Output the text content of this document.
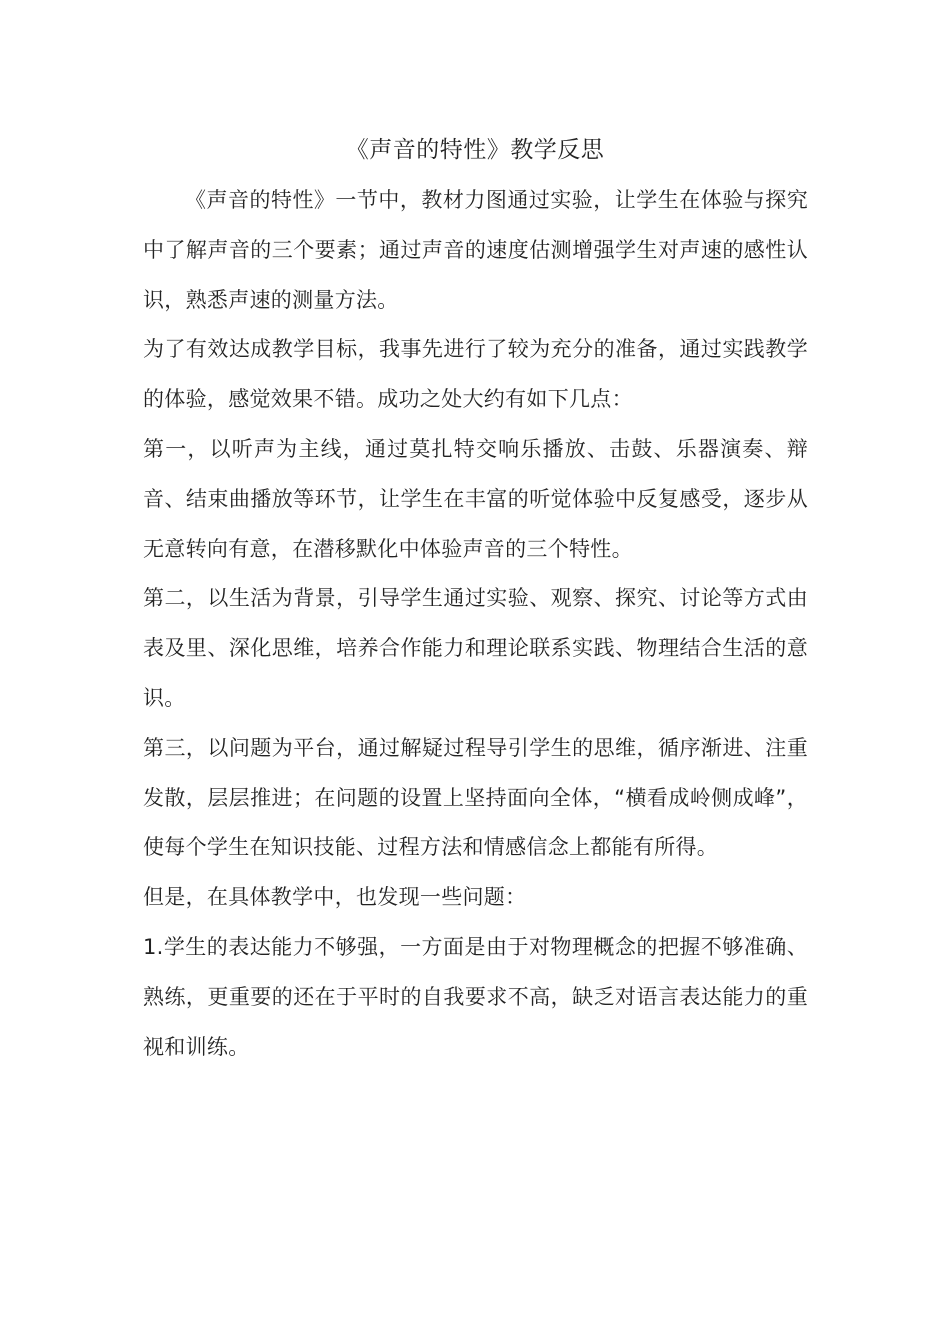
《声音的特性》教学反思

《声音的特性》一节中，教材力图通过实验，让学生在体验与探究中了解声音的三个要素；通过声音的速度估测增强学生对声速的感性认识，熟悉声速的测量方法。

为了有效达成教学目标，我事先进行了较为充分的准备，通过实践教学的体验，感觉效果不错。成功之处大约有如下几点：

第一，以听声为主线，通过莫扎特交响乐播放、击鼓、乐器演奏、辩音、结束曲播放等环节，让学生在丰富的听觉体验中反复感受，逐步从无意转向有意，在潜移默化中体验声音的三个特性。

第二，以生活为背景，引导学生通过实验、观察、探究、讨论等方式由表及里、深化思维，培养合作能力和理论联系实践、物理结合生活的意识。

第三，以问题为平台，通过解疑过程导引学生的思维，循序渐进、注重发散，层层推进；在问题的设置上坚持面向全体，“横看成岭侧成峰”，使每个学生在知识技能、过程方法和情感信念上都能有所得。

但是，在具体教学中，也发现一些问题：

1.学生的表达能力不够强，一方面是由于对物理概念的把握不够准确、熟练，更重要的还在于平时的自我要求不高，缺乏对语言表达能力的重视和训练。
